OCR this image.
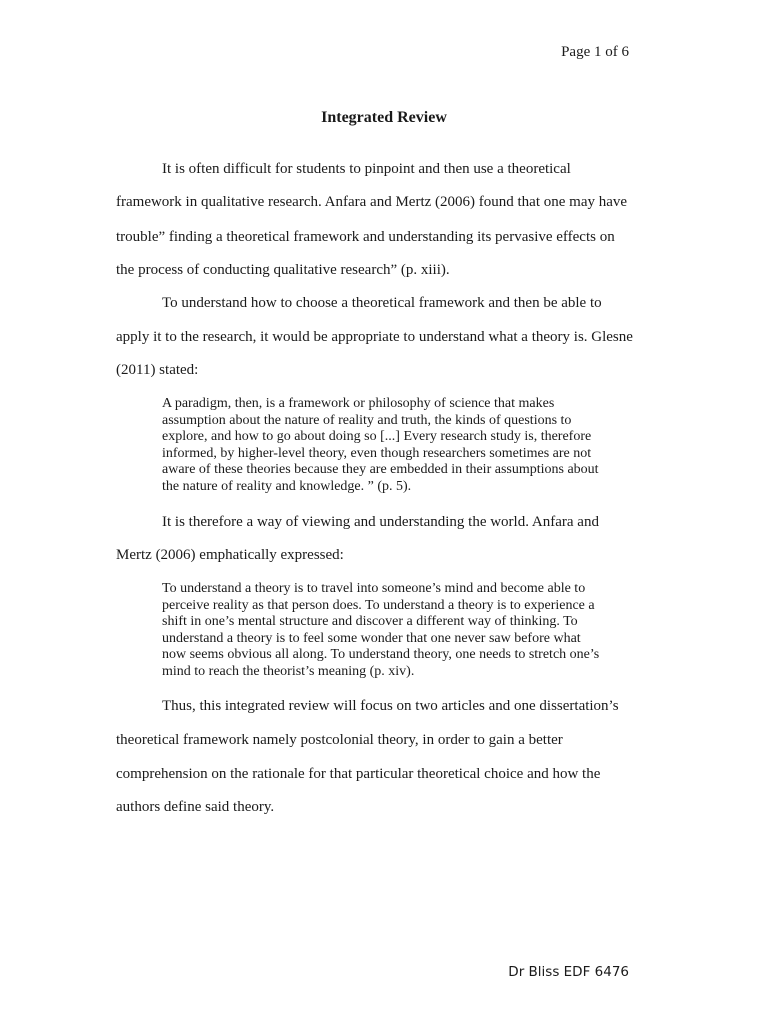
Page 1 of 6
Integrated Review
It is often difficult for students to pinpoint and then use a theoretical
framework in qualitative research. Anfara and Mertz (2006) found that one may have
trouble” finding a theoretical framework and understanding its pervasive effects on
the process of conducting qualitative research” (p. xiii).
To understand how to choose a theoretical framework and then be able to
apply it to the research, it would be appropriate to understand what a theory is. Glesne
(2011) stated:

A paradigm, then, is a framework or philosophy of science that makes

assumption about the nature of reality and truth, the kinds of questions to

explore, and how to go about doing so [...] Every research study is, therefore

informed, by higher-level theory, even though researchers sometimes are not

aware of these theories because they are embedded in their assumptions about

the nature of reality and knowledge. ” (p. 5).

It is therefore a way of viewing and understanding the world. Anfara and
Mertz (2006) emphatically expressed:

To understand a theory is to travel into someone’s mind and become able to

perceive reality as that person does. To understand a theory is to experience a

shift in one’s mental structure and discover a different way of thinking. To

understand a theory is to feel some wonder that one never saw before what

now seems obvious all along. To understand theory, one needs to stretch one’s

mind to reach the theorist’s meaning (p. xiv).

Thus, this integrated review will focus on two articles and one dissertation’s
theoretical framework namely postcolonial theory, in order to gain a better
comprehension on the rationale for that particular theoretical choice and how the
authors define said theory.
Dr Bliss EDF 6476
